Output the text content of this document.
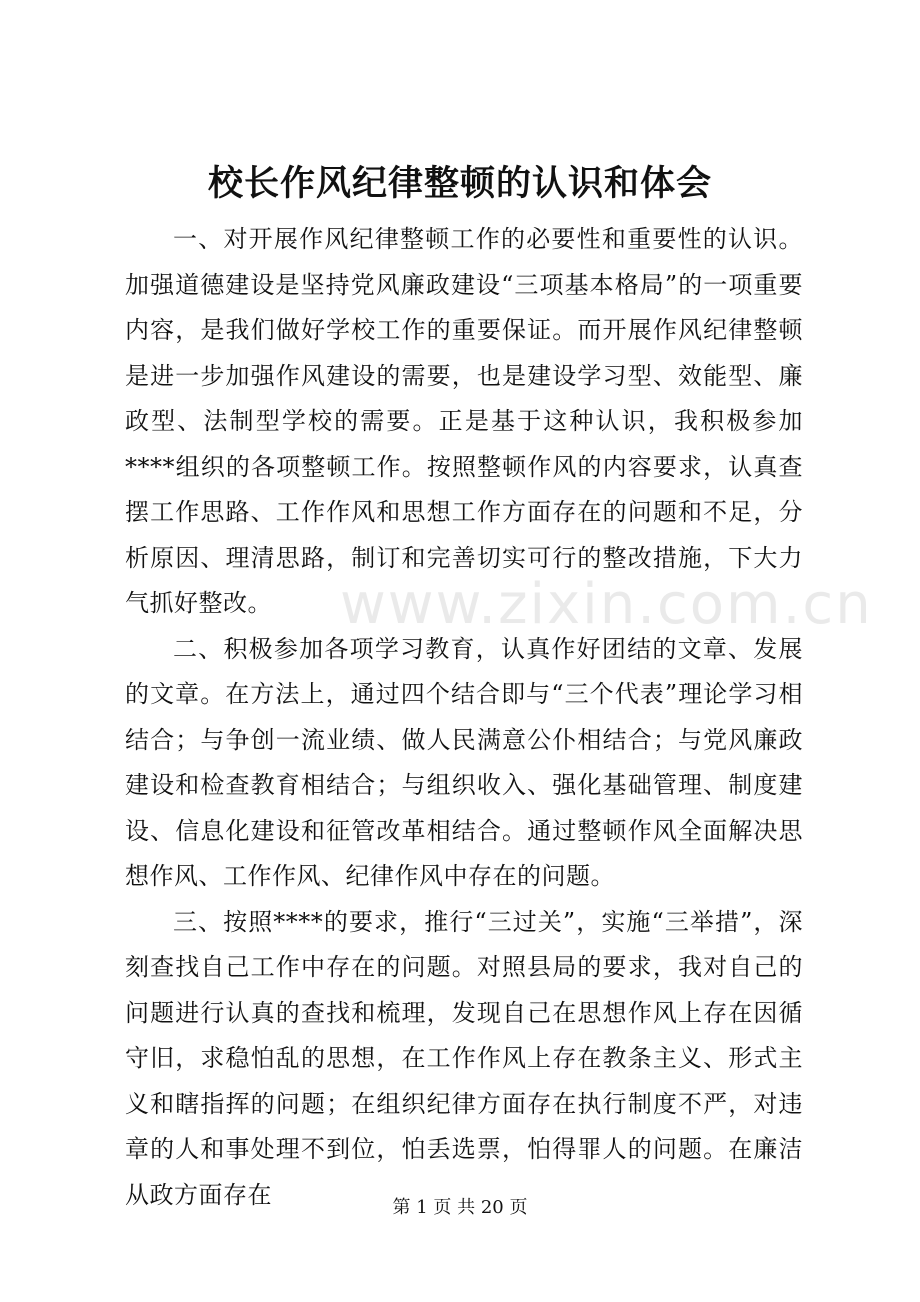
校长作风纪律整顿的认识和体会

一、对开展作风纪律整顿工作的必要性和重要性的认识。加强道德建设是坚持党风廉政建设“三项基本格局”的一项重要内容，是我们做好学校工作的重要保证。而开展作风纪律整顿是进一步加强作风建设的需要，也是建设学习型、效能型、廉政型、法制型学校的需要。正是基于这种认识，我积极参加****组织的各项整顿工作。按照整顿作风的内容要求，认真查摆工作思路、工作作风和思想工作方面存在的问题和不足，分析原因、理清思路，制订和完善切实可行的整改措施，下大力气抓好整改。

二、积极参加各项学习教育，认真作好团结的文章、发展的文章。在方法上，通过四个结合即与“三个代表”理论学习相结合；与争创一流业绩、做人民满意公仆相结合；与党风廉政建设和检查教育相结合；与组织收入、强化基础管理、制度建设、信息化建设和征管改革相结合。通过整顿作风全面解决思想作风、工作作风、纪律作风中存在的问题。

三、按照****的要求，推行“三过关”，实施“三举措”，深刻查找自己工作中存在的问题。对照县局的要求，我对自己的问题进行认真的查找和梳理，发现自己在思想作风上存在因循守旧，求稳怕乱的思想，在工作作风上存在教条主义、形式主义和瞎指挥的问题；在组织纪律方面存在执行制度不严，对违章的人和事处理不到位，怕丢选票，怕得罪人的问题。在廉洁从政方面存在

www.zixin.com.cn
第 1 页 共 20 页
